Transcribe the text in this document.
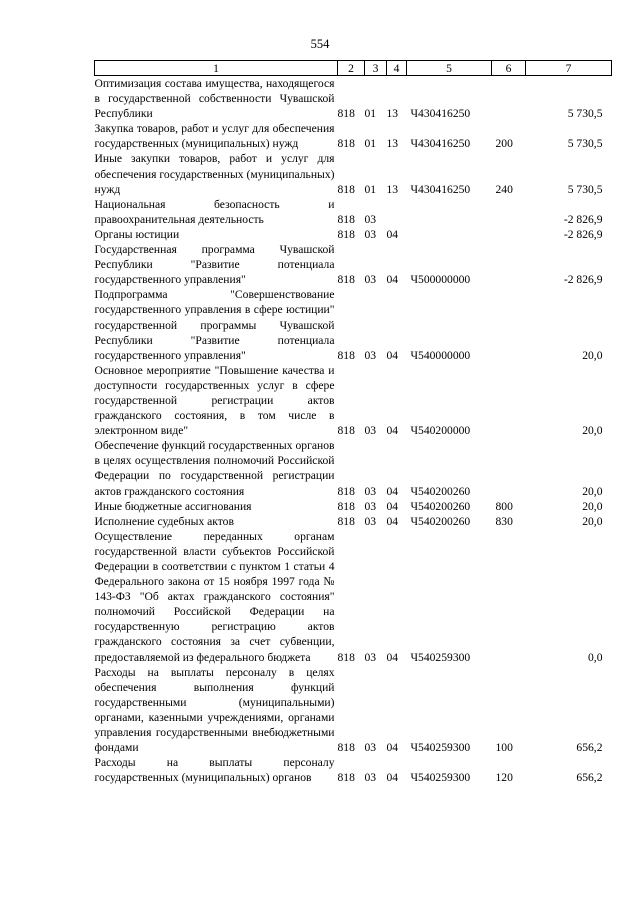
554
1	2	3	4	5	6	7
Оптимизация состава имущества, находящегося в государственной собственности Чувашской Республики	818	01	13	Ч430416250		5 730,5
Закупка товаров, работ и услуг для обеспечения государственных (муниципальных) нужд	818	01	13	Ч430416250	200	5 730,5
Иные закупки товаров, работ и услуг для обеспечения государственных (муниципальных) нужд	818	01	13	Ч430416250	240	5 730,5
Национальная безопасность и правоохранительная деятельность	818	03				-2 826,9
Органы юстиции	818	03	04			-2 826,9
Государственная программа Чувашской Республики "Развитие потенциала государственного управления"	818	03	04	Ч500000000		-2 826,9
Подпрограмма "Совершенствование государственного управления в сфере юстиции" государственной программы Чувашской Республики "Развитие потенциала государственного управления"	818	03	04	Ч540000000		20,0
Основное мероприятие "Повышение качества и доступности государственных услуг в сфере государственной регистрации актов гражданского состояния, в том числе в электронном виде"	818	03	04	Ч540200000		20,0
Обеспечение функций государственных органов в целях осуществления полномочий Российской Федерации по государственной регистрации актов гражданского состояния	818	03	04	Ч540200260		20,0
Иные бюджетные ассигнования	818	03	04	Ч540200260	800	20,0
Исполнение судебных актов	818	03	04	Ч540200260	830	20,0
Осуществление переданных органам государственной власти субъектов Российской Федерации в соответствии с пунктом 1 статьи 4 Федерального закона от 15 ноября 1997 года № 143-ФЗ "Об актах гражданского состояния" полномочий Российской Федерации на государственную регистрацию актов гражданского состояния за счет субвенции, предоставляемой из федерального бюджета	818	03	04	Ч540259300		0,0
Расходы на выплаты персоналу в целях обеспечения выполнения функций государственными (муниципальными) органами, казенными учреждениями, органами управления государственными внебюджетными фондами	818	03	04	Ч540259300	100	656,2
Расходы на выплаты персоналу государственных (муниципальных) органов	818	03	04	Ч540259300	120	656,2
